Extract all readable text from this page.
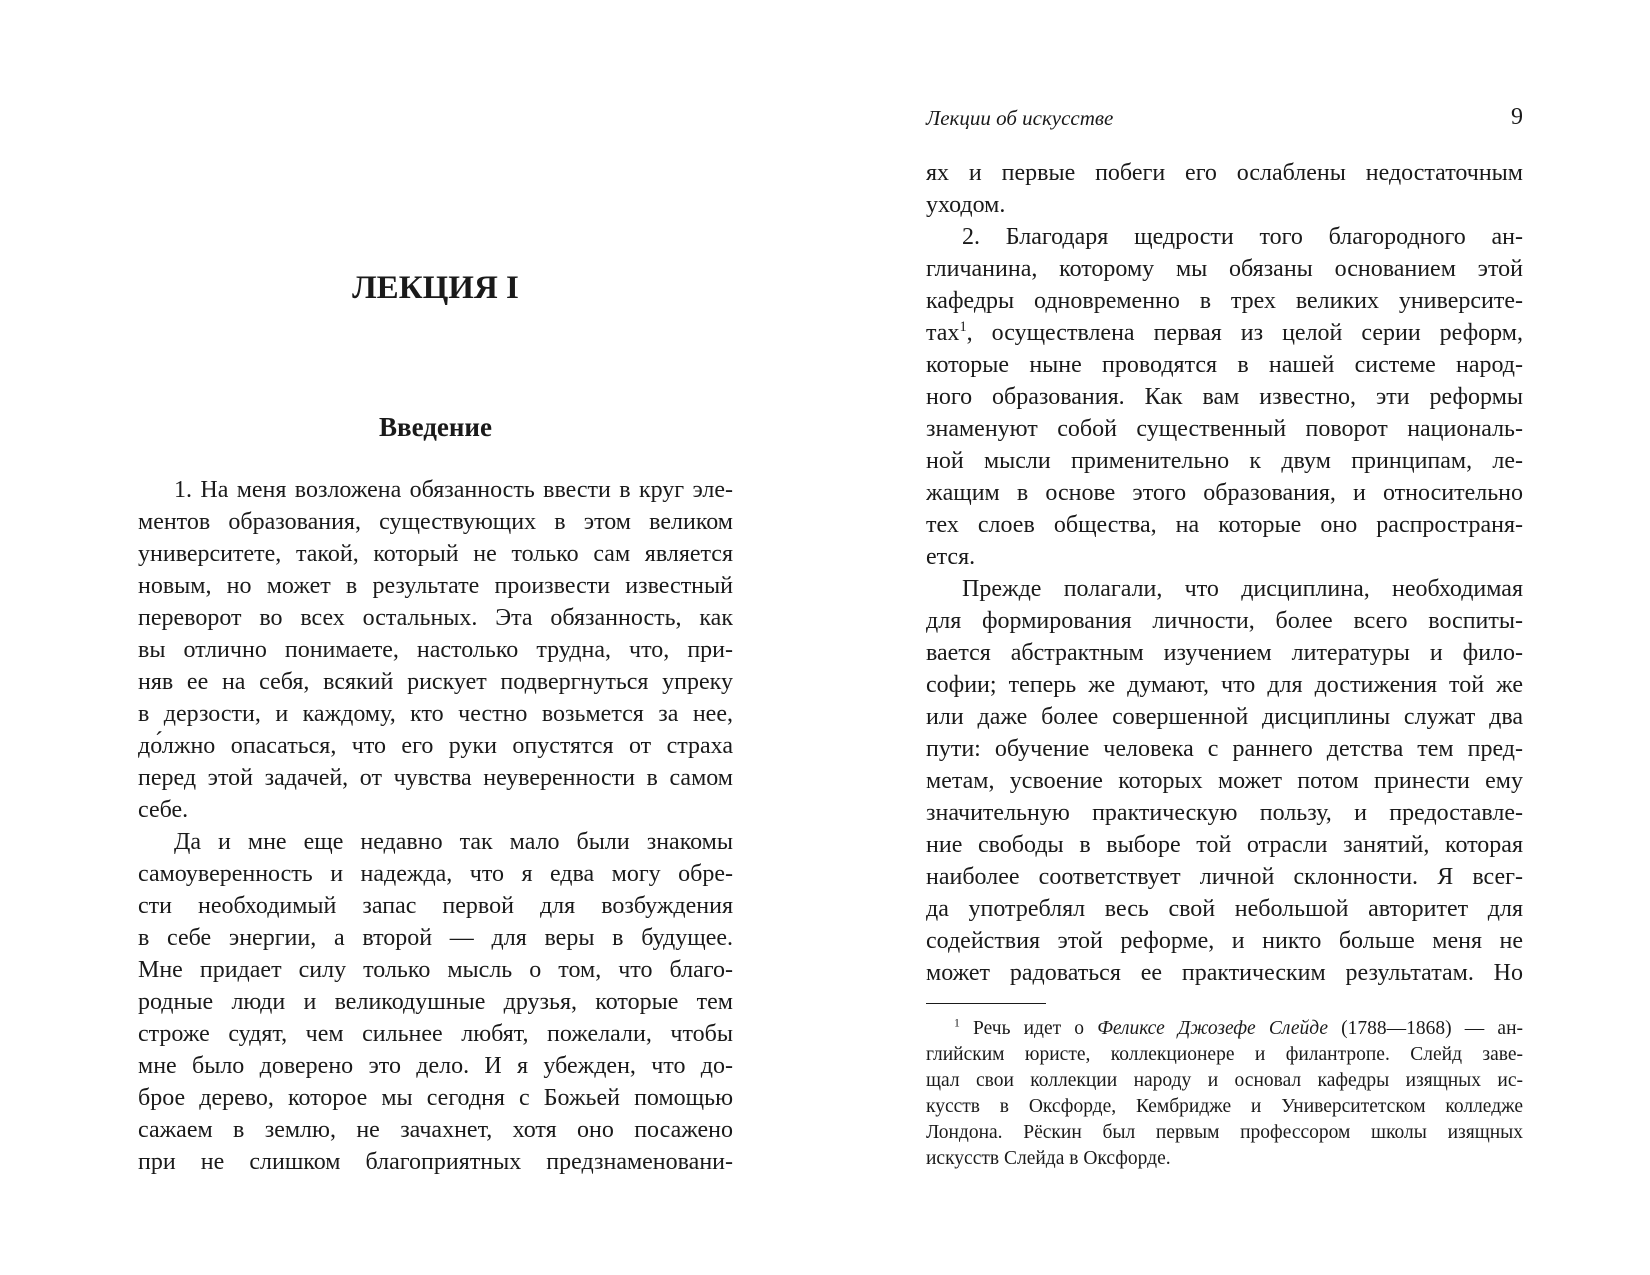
ЛЕКЦИЯ I
Введение
1. На меня возложена обязанность ввести в круг эле-
ментов образования, существующих в этом великом
университете, такой, который не только сам является
новым, но может в результате произвести известный
переворот во всех остальных. Эта обязанность, как
вы отлично понимаете, настолько трудна, что, при-
няв ее на себя, всякий рискует подвергнуться упреку
в дерзости, и каждому, кто честно возьмется за нее,
до́лжно опасаться, что его руки опустятся от страха
перед этой задачей, от чувства неуверенности в самом
себе.
Да и мне еще недавно так мало были знакомы
самоуверенность и надежда, что я едва могу обре-
сти необходимый запас первой для возбуждения
в себе энергии, а второй — для веры в будущее.
Мне придает силу только мысль о том, что благо-
родные люди и великодушные друзья, которые тем
строже судят, чем сильнее любят, пожелали, чтобы
мне было доверено это дело. И я убежден, что до-
брое дерево, которое мы сегодня с Божьей помощью
сажаем в землю, не зачахнет, хотя оно посажено
при не слишком благоприятных предзнаменовани-
Лекции об искусстве	9
ях и первые побеги его ослаблены недостаточным
уходом.
2. Благодаря щедрости того благородного ан-
гличанина, которому мы обязаны основанием этой
кафедры одновременно в трех великих университе-
тах$^1$, осуществлена первая из целой серии реформ,
которые ныне проводятся в нашей системе народ-
ного образования. Как вам известно, эти реформы
знаменуют собой существенный поворот националь-
ной мысли применительно к двум принципам, ле-
жащим в основе этого образования, и относительно
тех слоев общества, на которые оно распространя-
ется.
Прежде полагали, что дисциплина, необходимая
для формирования личности, более всего воспиты-
вается абстрактным изучением литературы и фило-
софии; теперь же думают, что для достижения той же
или даже более совершенной дисциплины служат два
пути: обучение человека с раннего детства тем пред-
метам, усвоение которых может потом принести ему
значительную практическую пользу, и предоставле-
ние свободы в выборе той отрасли занятий, которая
наиболее соответствует личной склонности. Я всег-
да употреблял весь свой небольшой авторитет для
содействия этой реформе, и никто больше меня не
может радоваться ее практическим результатам. Но
$^1$ Речь идет о Феликсе Джозефе Слейде (1788—1868) — ан-
глийским юристе, коллекционере и филантропе. Слейд заве-
щал свои коллекции народу и основал кафедры изящных ис-
кусств в Оксфорде, Кембридже и Университетском колледже
Лондона. Рёскин был первым профессором школы изящных
искусств Слейда в Оксфорде.
